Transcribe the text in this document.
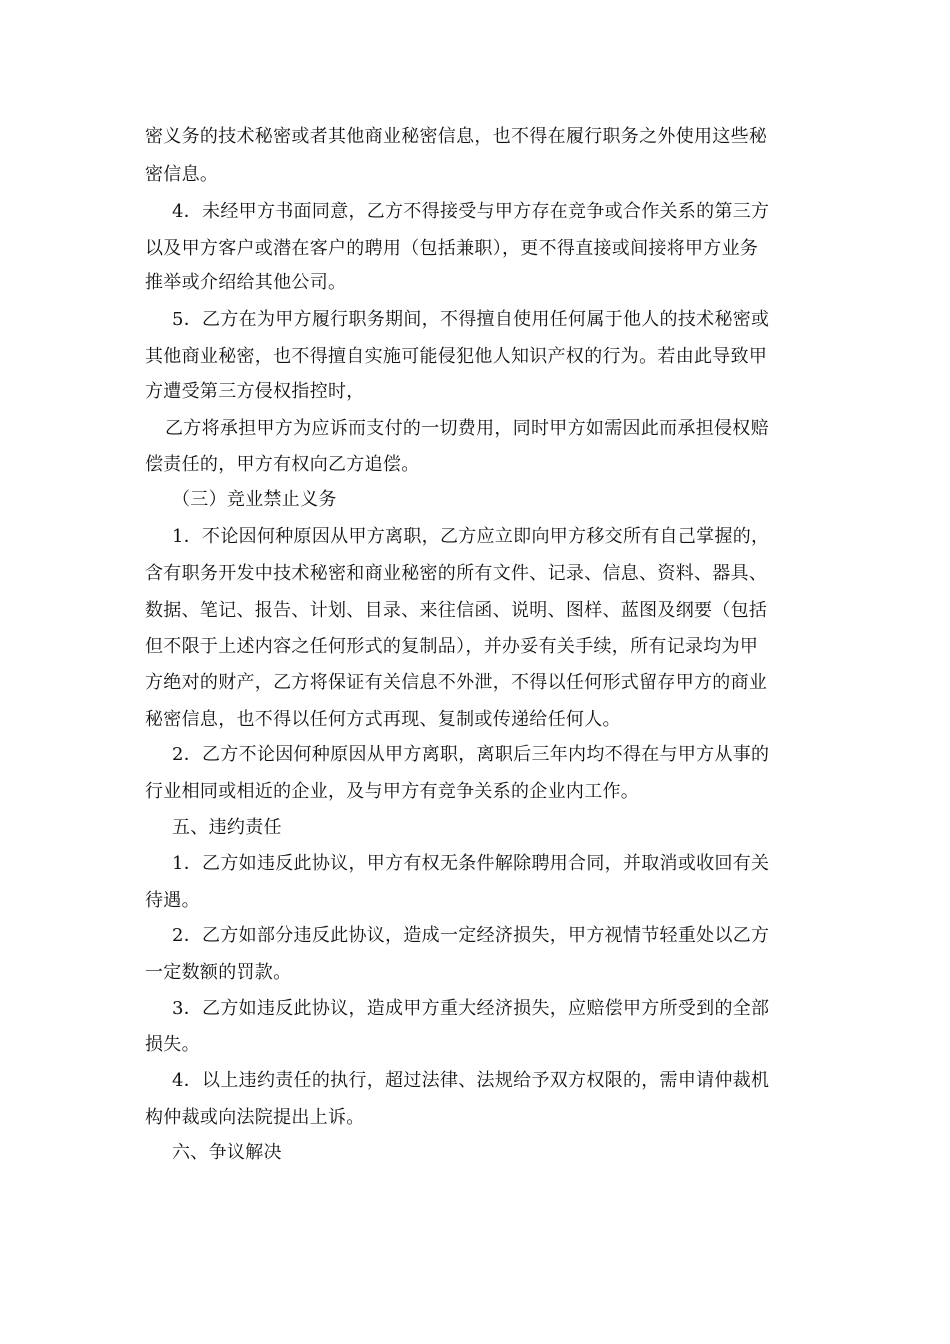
密义务的技术秘密或者其他商业秘密信息，也不得在履行职务之外使用这些秘
密信息。
4．未经甲方书面同意，乙方不得接受与甲方存在竞争或合作关系的第三方
以及甲方客户或潜在客户的聘用（包括兼职），更不得直接或间接将甲方业务
推举或介绍给其他公司。
5．乙方在为甲方履行职务期间，不得擅自使用任何属于他人的技术秘密或
其他商业秘密，也不得擅自实施可能侵犯他人知识产权的行为。若由此导致甲
方遭受第三方侵权指控时，
乙方将承担甲方为应诉而支付的一切费用，同时甲方如需因此而承担侵权赔
偿责任的，甲方有权向乙方追偿。
（三）竞业禁止义务
1．不论因何种原因从甲方离职，乙方应立即向甲方移交所有自己掌握的，
含有职务开发中技术秘密和商业秘密的所有文件、记录、信息、资料、器具、
数据、笔记、报告、计划、目录、来往信函、说明、图样、蓝图及纲要（包括
但不限于上述内容之任何形式的复制品），并办妥有关手续，所有记录均为甲
方绝对的财产，乙方将保证有关信息不外泄，不得以任何形式留存甲方的商业
秘密信息，也不得以任何方式再现、复制或传递给任何人。
2．乙方不论因何种原因从甲方离职，离职后三年内均不得在与甲方从事的
行业相同或相近的企业，及与甲方有竞争关系的企业内工作。
五、违约责任
1．乙方如违反此协议，甲方有权无条件解除聘用合同，并取消或收回有关
待遇。
2．乙方如部分违反此协议，造成一定经济损失，甲方视情节轻重处以乙方
一定数额的罚款。
3．乙方如违反此协议，造成甲方重大经济损失，应赔偿甲方所受到的全部
损失。
4．以上违约责任的执行，超过法律、法规给予双方权限的，需申请仲裁机
构仲裁或向法院提出上诉。
六、争议解决
